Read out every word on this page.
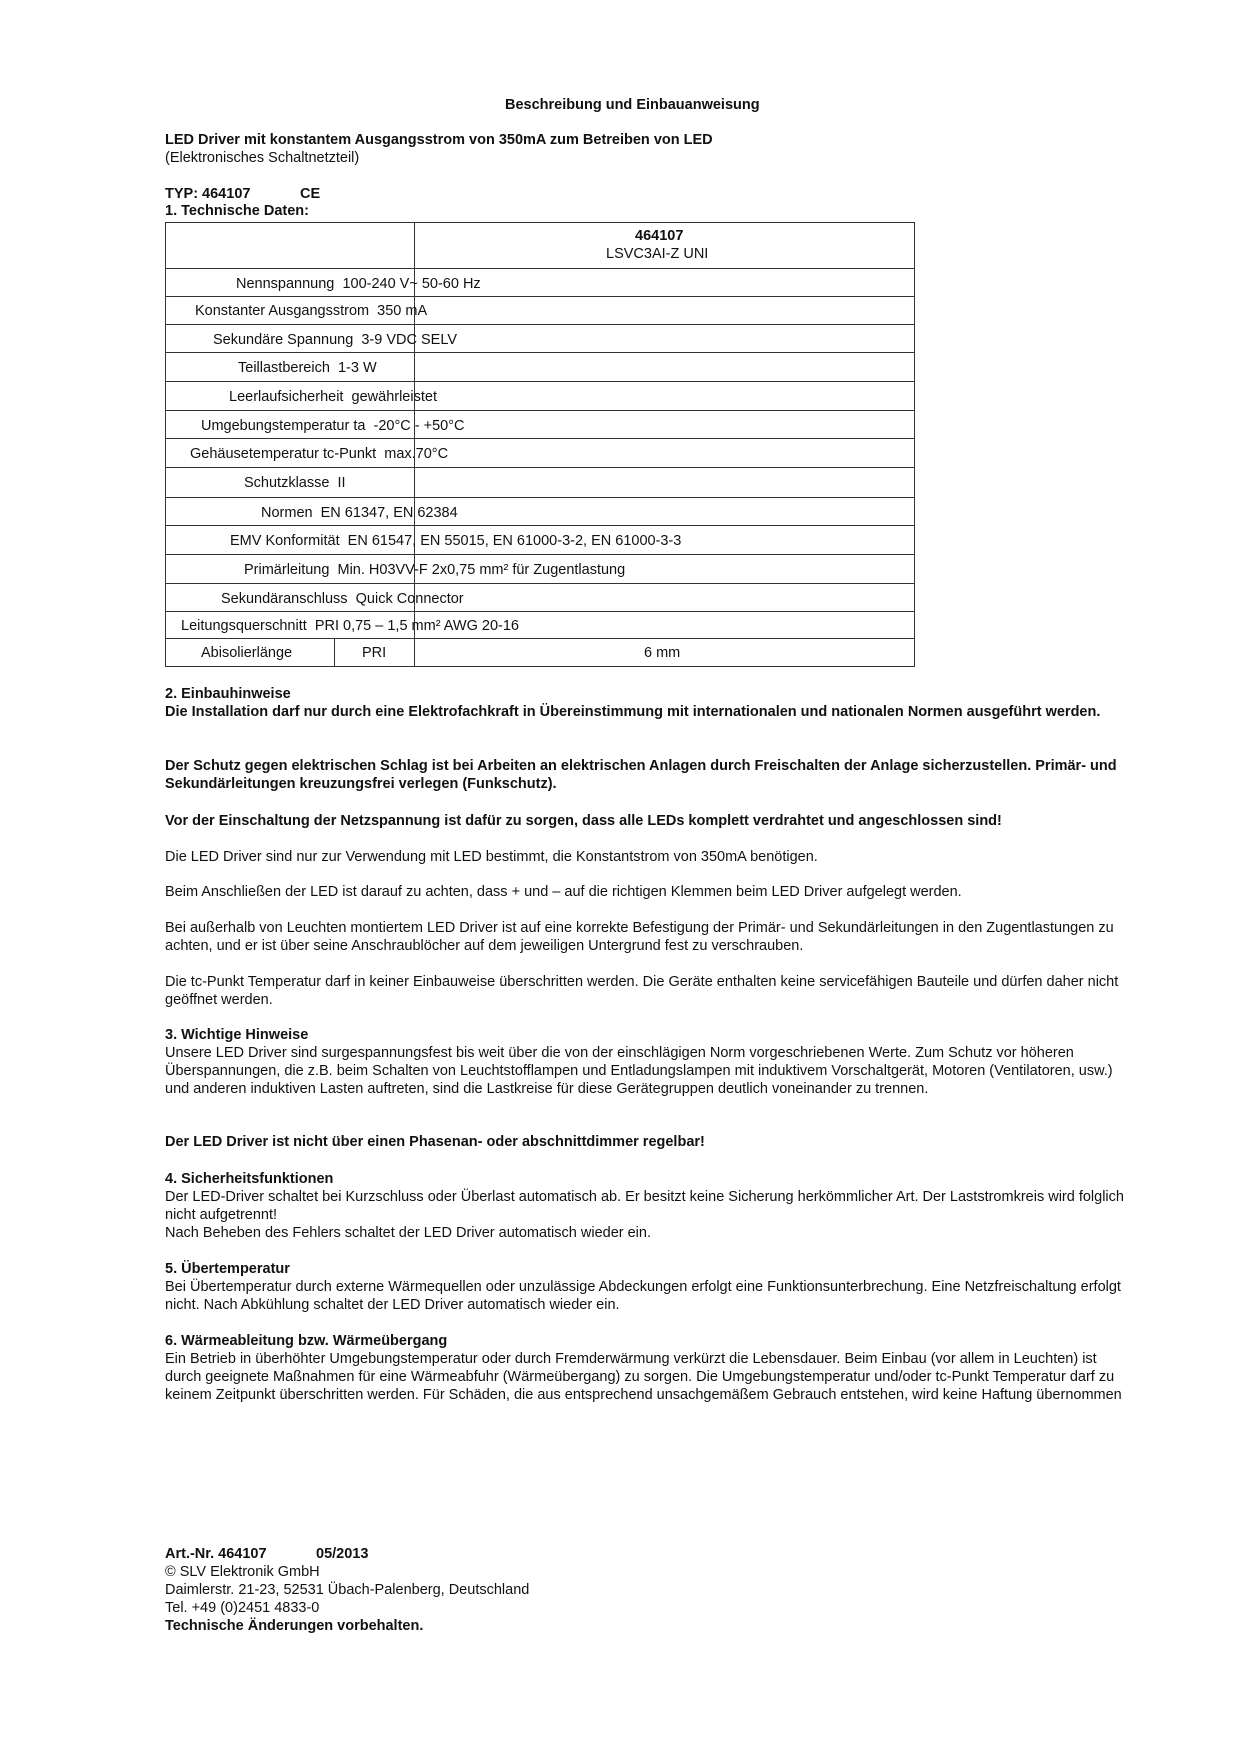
Beschreibung und Einbauanweisung
LED Driver mit konstantem Ausgangsstrom von 350mA zum Betreiben von LED
(Elektronisches Schaltnetzteil)
TYP: 464107	CE
1. Technische Daten:
464107
LSVC3AI-Z UNI
Nennspannung 100-240 V~ 50-60 Hz
Konstanter Ausgangsstrom 350 mA
Sekundäre Spannung 3-9 VDC SELV
Teillastbereich 1-3 W
Leerlaufsicherheit gewährleistet
Umgebungstemperatur ta -20°C - +50°C
Gehäusetemperatur tc-Punkt max.70°C
Schutzklasse II
Normen EN 61347, EN 62384
EMV Konformität EN 61547, EN 55015, EN 61000-3-2, EN 61000-3-3
Primärleitung Min. H03VV-F 2x0,75 mm² für Zugentlastung
Sekundäranschluss Quick Connector
Leitungsquerschnitt PRI 0,75 – 1,5 mm² AWG 20-16
Abisolierlänge	PRI	6 mm
2. Einbauhinweise
Die Installation darf nur durch eine Elektrofachkraft in Übereinstimmung mit internationalen und nationalen Normen ausgeführt werden.
Der Schutz gegen elektrischen Schlag ist bei Arbeiten an elektrischen Anlagen durch Freischalten der Anlage sicherzustellen. Primär- und Sekundärleitungen kreuzungsfrei verlegen (Funkschutz).
Vor der Einschaltung der Netzspannung ist dafür zu sorgen, dass alle LEDs komplett verdrahtet und angeschlossen sind!
Die LED Driver sind nur zur Verwendung mit LED bestimmt, die Konstantstrom von 350mA benötigen.
Beim Anschließen der LED ist darauf zu achten, dass + und – auf die richtigen Klemmen beim LED Driver aufgelegt werden.
Bei außerhalb von Leuchten montiertem LED Driver ist auf eine korrekte Befestigung der Primär- und Sekundärleitungen in den Zugentlastungen zu achten, und er ist über seine Anschraublöcher auf dem jeweiligen Untergrund fest zu verschrauben.
Die tc-Punkt Temperatur darf in keiner Einbauweise überschritten werden. Die Geräte enthalten keine servicefähigen Bauteile und dürfen daher nicht geöffnet werden.
3. Wichtige Hinweise
Unsere LED Driver sind surgespannungsfest bis weit über die von der einschlägigen Norm vorgeschriebenen Werte. Zum Schutz vor höheren Überspannungen, die z.B. beim Schalten von Leuchtstofflampen und Entladungslampen mit induktivem Vorschaltgerät, Motoren (Ventilatoren, usw.) und anderen induktiven Lasten auftreten, sind die Lastkreise für diese Gerätegruppen deutlich voneinander zu trennen.
Der LED Driver ist nicht über einen Phasenan- oder abschnittdimmer regelbar!
4. Sicherheitsfunktionen
Der LED-Driver schaltet bei Kurzschluss oder Überlast automatisch ab. Er besitzt keine Sicherung herkömmlicher Art. Der Laststromkreis wird folglich nicht aufgetrennt!
Nach Beheben des Fehlers schaltet der LED Driver automatisch wieder ein.
5. Übertemperatur
Bei Übertemperatur durch externe Wärmequellen oder unzulässige Abdeckungen erfolgt eine Funktionsunterbrechung. Eine Netzfreischaltung erfolgt nicht. Nach Abkühlung schaltet der LED Driver automatisch wieder ein.
6. Wärmeableitung bzw. Wärmeübergang
Ein Betrieb in überhöhter Umgebungstemperatur oder durch Fremderwärmung verkürzt die Lebensdauer. Beim Einbau (vor allem in Leuchten) ist durch geeignete Maßnahmen für eine Wärmeabfuhr (Wärmeübergang) zu sorgen. Die Umgebungstemperatur und/oder tc-Punkt Temperatur darf zu keinem Zeitpunkt überschritten werden. Für Schäden, die aus entsprechend unsachgemäßem Gebrauch entstehen, wird keine Haftung übernommen
Art.-Nr. 464107	05/2013
© SLV Elektronik GmbH
Daimlerstr. 21-23, 52531 Übach-Palenberg, Deutschland
Tel. +49 (0)2451 4833-0
Technische Änderungen vorbehalten.
